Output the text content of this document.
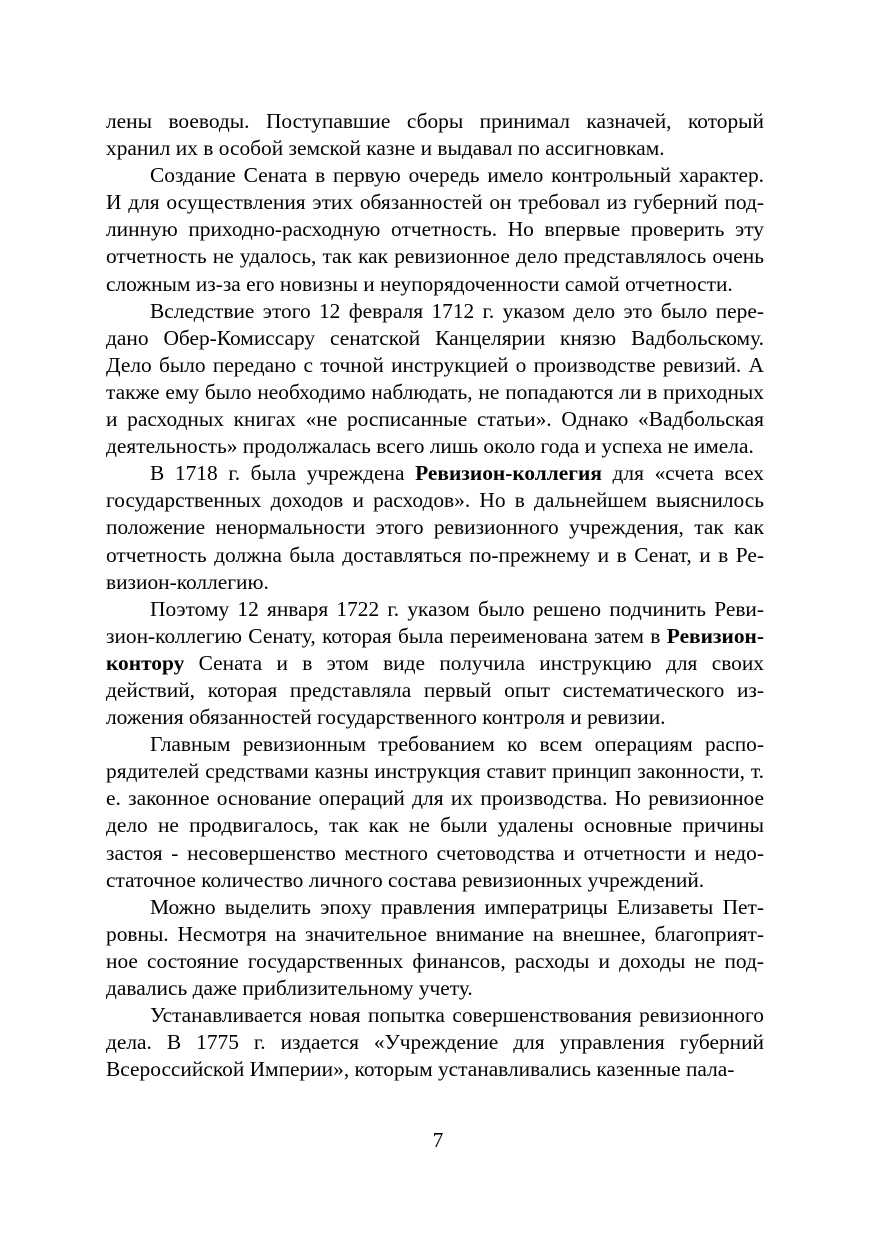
лены воеводы. Поступавшие сборы принимал казначей, который хранил их в особой земской казне и выдавал по ассигновкам.

Создание Сената в первую очередь имело контрольный характер. И для осуществления этих обязанностей он требовал из губерний подлинную приходно-расходную отчетность. Но впервые проверить эту отчетность не удалось, так как ревизионное дело представлялось очень сложным из-за его новизны и неупорядоченности самой отчетности.

Вследствие этого 12 февраля 1712 г. указом дело это было передано Обер-Комиссару сенатской Канцелярии князю Вадбольскому. Дело было передано с точной инструкцией о производстве ревизий. А также ему было необходимо наблюдать, не попадаются ли в приходных и расходных книгах «не росписанные статьи». Однако «Вадбольская деятельность» продолжалась всего лишь около года и успеха не имела.

В 1718 г. была учреждена Ревизион-коллегия для «счета всех государственных доходов и расходов». Но в дальнейшем выяснилось положение ненормальности этого ревизионного учреждения, так как отчетность должна была доставляться по-прежнему и в Сенат, и в Ревизион-коллегию.

Поэтому 12 января 1722 г. указом было решено подчинить Ревизион-коллегию Сенату, которая была переименована затем в Ревизион-контору Сената и в этом виде получила инструкцию для своих действий, которая представляла первый опыт систематического изложения обязанностей государственного контроля и ревизии.

Главным ревизионным требованием ко всем операциям распорядителей средствами казны инструкция ставит принцип законности, т. е. законное основание операций для их производства. Но ревизионное дело не продвигалось, так как не были удалены основные причины застоя - несовершенство местного счетоводства и отчетности и недостаточное количество личного состава ревизионных учреждений.

Можно выделить эпоху правления императрицы Елизаветы Петровны. Несмотря на значительное внимание на внешнее, благоприятное состояние государственных финансов, расходы и доходы не поддавались даже приблизительному учету.

Устанавливается новая попытка совершенствования ревизионного дела. В 1775 г. издается «Учреждение для управления губерний Всероссийской Империи», которым устанавливались казенные пала-

7
